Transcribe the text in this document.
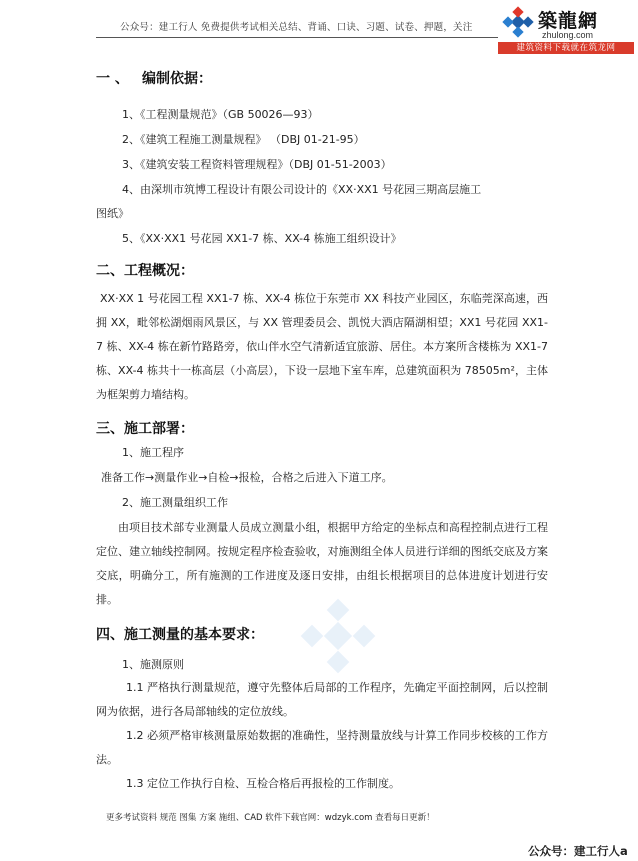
公众号：建工行人 免费提供考试相关总结、背诵、口诀、习题、试卷、押题，关注	築龍網
zhulong.com
建筑资料下载就在筑龙网
一 、 编制依据：
1、《工程测量规范》（GB 50026—93）
2、《建筑工程施工测量规程》 （DBJ 01-21-95）
3、《建筑安装工程资料管理规程》（DBJ 01-51-2003）
4、由深圳市筑博工程设计有限公司设计的《XX·XX1 号花园三期高层施工
图纸》
5、《XX·XX1 号花园 XX1-7 栋、XX-4 栋施工组织设计》
二、工程概况：
XX·XX 1 号花园工程 XX1-7 栋、XX-4 栋位于东莞市 XX 科技产业园区，东临莞深高速，西拥 XX，毗邻松湖烟雨风景区，与 XX 管理委员会、凯悦大酒店隔湖相望；XX1 号花园 XX1-7 栋、XX-4 栋在新竹路路旁，依山伴水空气清新适宜旅游、居住。本方案所含楼栋为 XX1-7 栋、XX-4 栋共十一栋高层（小高层），下设一层地下室车库，总建筑面积为 78505m²，主体为框架剪力墙结构。
三、施工部署：
1、施工程序
准备工作→测量作业→自检→报检，合格之后进入下道工序。
2、施工测量组织工作
由项目技术部专业测量人员成立测量小组，根据甲方给定的坐标点和高程控制点进行工程定位、建立轴线控制网。按规定程序检查验收，对施测组全体人员进行详细的图纸交底及方案交底，明确分工，所有施测的工作进度及逐日安排，由组长根据项目的总体进度计划进行安排。
四、施工测量的基本要求：
1、施测原则
1.1 严格执行测量规范，遵守先整体后局部的工作程序，先确定平面控制网，后以控制网为依据，进行各局部轴线的定位放线。
1.2 必须严格审核测量原始数据的准确性，坚持测量放线与计算工作同步校核的工作方法。
1.3 定位工作执行自检、互检合格后再报检的工作制度。
更多考试资料 规范 图集 方案 施组、CAD 软件下载官网：wdzyk.com 查看每日更新！
公众号：建工行人a
